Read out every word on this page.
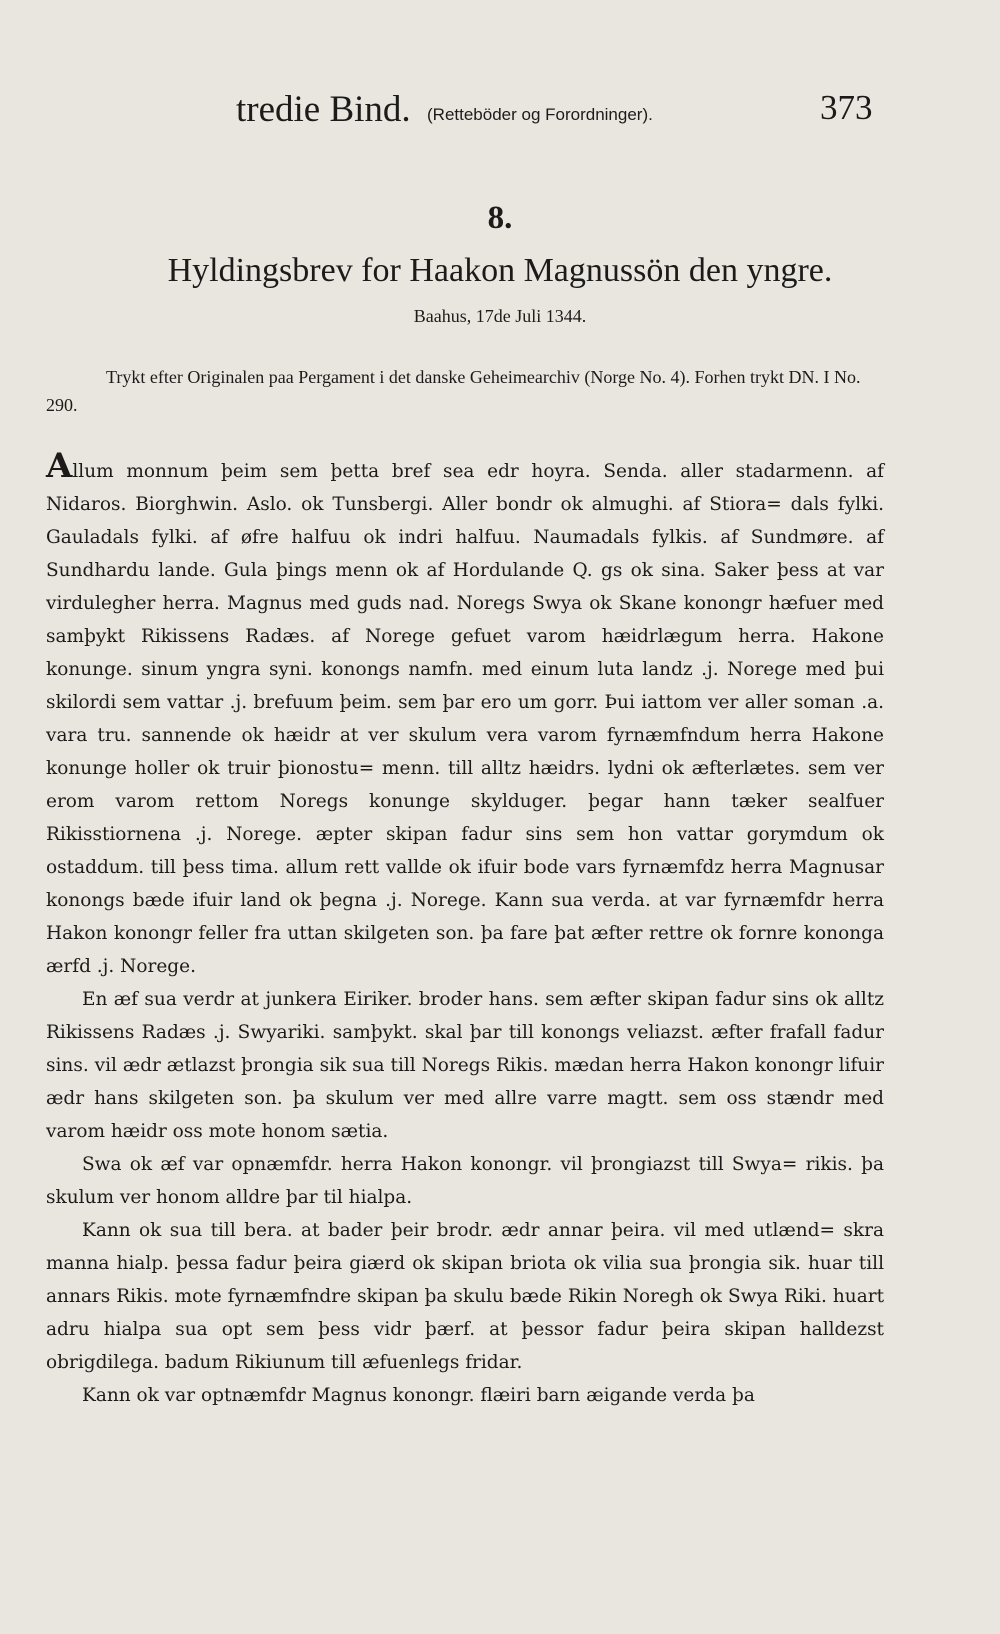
tredie Bind. (Retteböder og Forordninger).	373
8.
Hyldingsbrev for Haakon Magnussön den yngre.
Baahus, 17de Juli 1344.

Trykt efter Originalen paa Pergament i det danske Geheimearchiv (Norge No. 4). Forhen trykt DN. I No. 290.

Allum monnum þeim sem þetta bref sea edr hoyra. Senda. aller stadarmenn. af Nidaros. Biorghwin. Aslo. ok Tunsbergi. Aller bondr ok almughi. af Stiora= dals fylki. Gauladals fylki. af øfre halfuu ok indri halfuu. Naumadals fylkis. af Sundmøre. af Sundhardu lande. Gula þings menn ok af Hordulande Q. gs ok sina. Saker þess at var virdulegher herra. Magnus med guds nad. Noregs Swya ok Skane konongr hæfuer med samþykt Rikissens Radæs. af Norege gefuet varom hæidrlægum herra. Hakone konunge. sinum yngra syni. konongs namfn. med einum luta landz .j. Norege med þui skilordi sem vattar .j. brefuum þeim. sem þar ero um gorr. Þui iattom ver aller soman .a. vara tru. sannende ok hæidr at ver skulum vera varom fyrnæmfndum herra Hakone konunge holler ok truir þionostu= menn. till alltz hæidrs. lydni ok æfterlætes. sem ver erom varom rettom Noregs konunge skylduger. þegar hann tæker sealfuer Rikisstiornena .j. Norege. æpter skipan fadur sins sem hon vattar gorymdum ok ostaddum. till þess tima. allum rett vallde ok ifuir bode vars fyrnæmfdz herra Magnusar konongs bæde ifuir land ok þegna .j. Norege. Kann sua verda. at var fyrnæmfdr herra Hakon konongr feller fra uttan skilgeten son. þa fare þat æfter rettre ok fornre kononga ærfd .j. Norege.

En æf sua verdr at junkera Eiriker. broder hans. sem æfter skipan fadur sins ok alltz Rikissens Radæs .j. Swyariki. samþykt. skal þar till konongs veliazst. æfter frafall fadur sins. vil ædr ætlazst þrongia sik sua till Noregs Rikis. mædan herra Hakon konongr lifuir ædr hans skilgeten son. þa skulum ver med allre varre magtt. sem oss stændr med varom hæidr oss mote honom sætia.

Swa ok æf var opnæmfdr. herra Hakon konongr. vil þrongiazst till Swya= rikis. þa skulum ver honom alldre þar til hialpa.

Kann ok sua till bera. at bader þeir brodr. ædr annar þeira. vil med utlænd= skra manna hialp. þessa fadur þeira giærd ok skipan briota ok vilia sua þrongia sik. huar till annars Rikis. mote fyrnæmfndre skipan þa skulu bæde Rikin Noregh ok Swya Riki. huart adru hialpa sua opt sem þess vidr þærf. at þessor fadur þeira skipan halldezst obrigdilega. badum Rikiunum till æfuenlegs fridar.

Kann ok var optnæmfdr Magnus konongr. flæiri barn æigande verda þa
